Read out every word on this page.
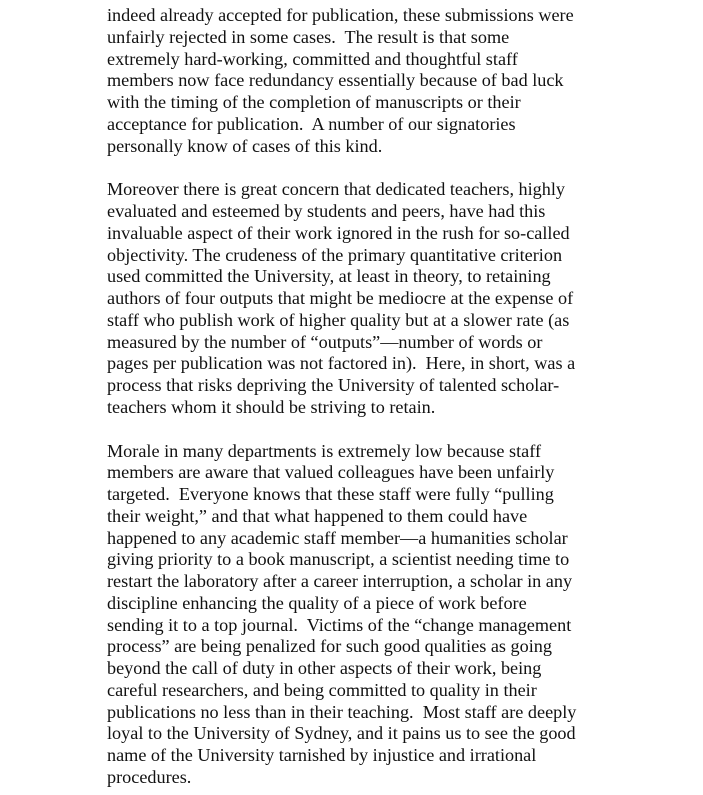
indeed already accepted for publication, these submissions were
unfairly rejected in some cases.  The result is that some
extremely hard-working, committed and thoughtful staff
members now face redundancy essentially because of bad luck
with the timing of the completion of manuscripts or their
acceptance for publication.  A number of our signatories
personally know of cases of this kind.
Moreover there is great concern that dedicated teachers, highly
evaluated and esteemed by students and peers, have had this
invaluable aspect of their work ignored in the rush for so-called
objectivity. The crudeness of the primary quantitative criterion
used committed the University, at least in theory, to retaining
authors of four outputs that might be mediocre at the expense of
staff who publish work of higher quality but at a slower rate (as
measured by the number of “outputs”—number of words or
pages per publication was not factored in).  Here, in short, was a
process that risks depriving the University of talented scholar-
teachers whom it should be striving to retain.
Morale in many departments is extremely low because staff
members are aware that valued colleagues have been unfairly
targeted.  Everyone knows that these staff were fully “pulling
their weight,” and that what happened to them could have
happened to any academic staff member—a humanities scholar
giving priority to a book manuscript, a scientist needing time to
restart the laboratory after a career interruption, a scholar in any
discipline enhancing the quality of a piece of work before
sending it to a top journal.  Victims of the “change management
process” are being penalized for such good qualities as going
beyond the call of duty in other aspects of their work, being
careful researchers, and being committed to quality in their
publications no less than in their teaching.  Most staff are deeply
loyal to the University of Sydney, and it pains us to see the good
name of the University tarnished by injustice and irrational
procedures.
